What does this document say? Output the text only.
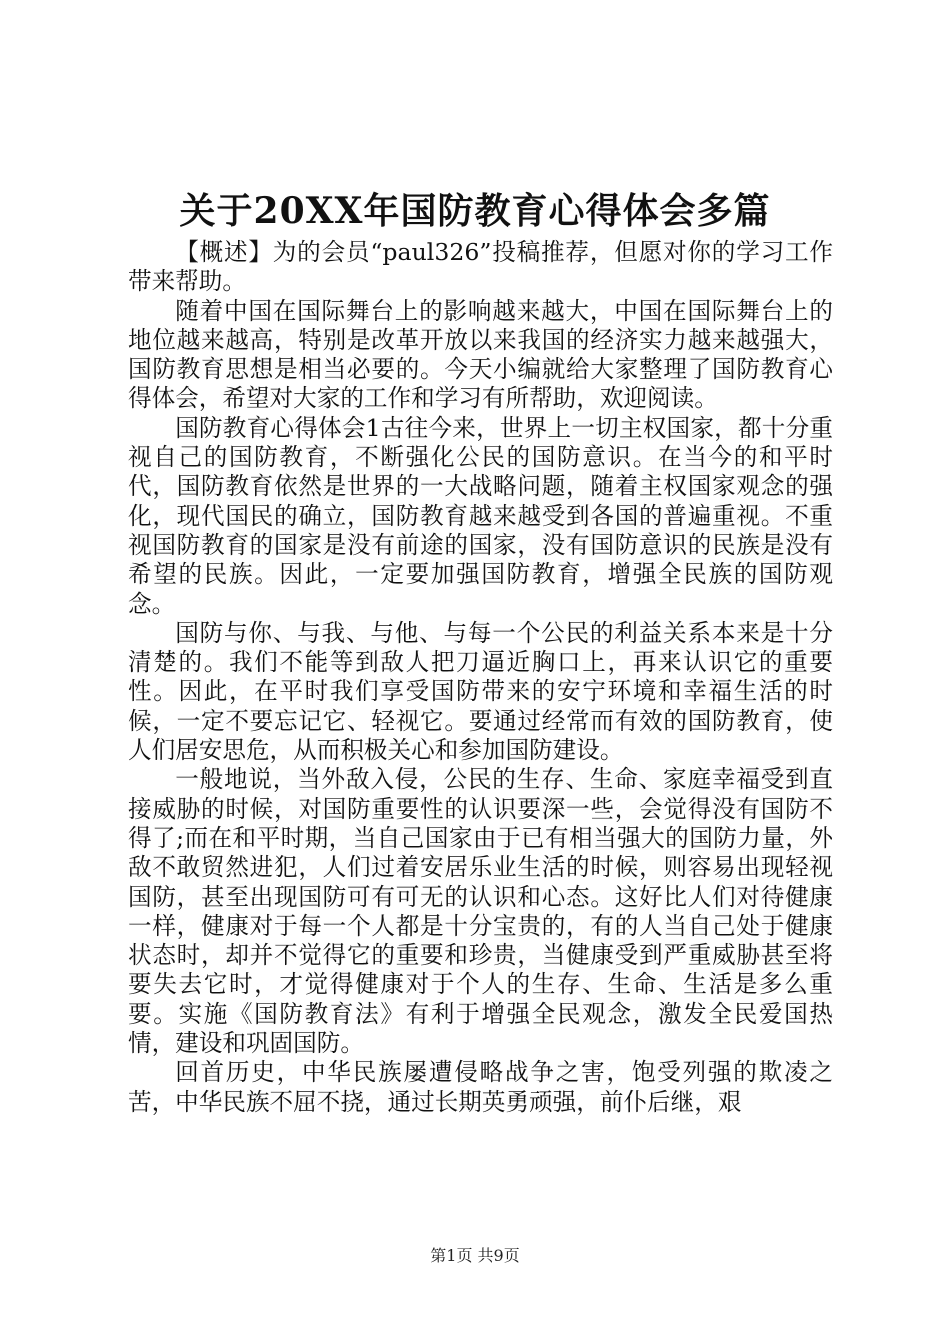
关于20XX年国防教育心得体会多篇

【概述】为的会员“paul326”投稿推荐，但愿对你的学习工作带来帮助。

随着中国在国际舞台上的影响越来越大，中国在国际舞台上的地位越来越高，特别是改革开放以来我国的经济实力越来越强大，国防教育思想是相当必要的。今天小编就给大家整理了国防教育心得体会，希望对大家的工作和学习有所帮助，欢迎阅读。

国防教育心得体会1古往今来，世界上一切主权国家，都十分重视自己的国防教育，不断强化公民的国防意识。在当今的和平时代，国防教育依然是世界的一大战略问题，随着主权国家观念的强化，现代国民的确立，国防教育越来越受到各国的普遍重视。不重视国防教育的国家是没有前途的国家，没有国防意识的民族是没有希望的民族。因此，一定要加强国防教育，增强全民族的国防观念。

国防与你、与我、与他、与每一个公民的利益关系本来是十分清楚的。我们不能等到敌人把刀逼近胸口上，再来认识它的重要性。因此，在平时我们享受国防带来的安宁环境和幸福生活的时候，一定不要忘记它、轻视它。要通过经常而有效的国防教育，使人们居安思危，从而积极关心和参加国防建设。

一般地说，当外敌入侵，公民的生存、生命、家庭幸福受到直接威胁的时候，对国防重要性的认识要深一些，会觉得没有国防不得了;而在和平时期，当自己国家由于已有相当强大的国防力量，外敌不敢贸然进犯，人们过着安居乐业生活的时候，则容易出现轻视国防，甚至出现国防可有可无的认识和心态。这好比人们对待健康一样，健康对于每一个人都是十分宝贵的，有的人当自己处于健康状态时，却并不觉得它的重要和珍贵，当健康受到严重威胁甚至将要失去它时，才觉得健康对于个人的生存、生命、生活是多么重要。实施《国防教育法》有利于增强全民观念，激发全民爱国热情，建设和巩固国防。

回首历史，中华民族屡遭侵略战争之害，饱受列强的欺凌之苦，中华民族不屈不挠，通过长期英勇顽强，前仆后继，艰

第1页 共9页
